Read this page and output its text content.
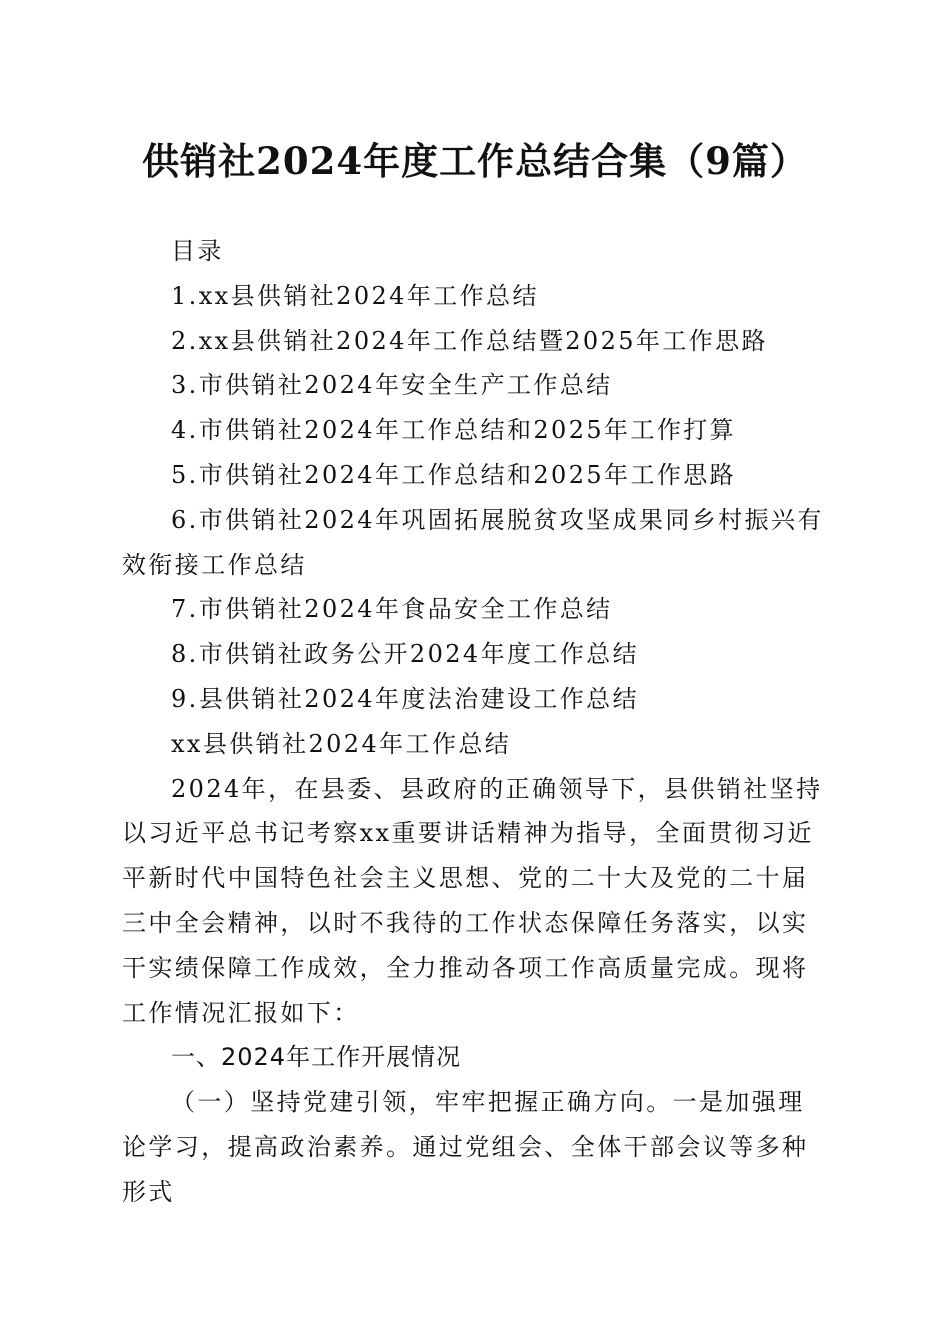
供销社2024年度工作总结合集（9篇）

目录

1.xx县供销社2024年工作总结

2.xx县供销社2024年工作总结暨2025年工作思路

3.市供销社2024年安全生产工作总结

4.市供销社2024年工作总结和2025年工作打算

5.市供销社2024年工作总结和2025年工作思路

6.市供销社2024年巩固拓展脱贫攻坚成果同乡村振兴有效衔接工作总结

7.市供销社2024年食品安全工作总结

8.市供销社政务公开2024年度工作总结

9.县供销社2024年度法治建设工作总结

xx县供销社2024年工作总结

2024年，在县委、县政府的正确领导下，县供销社坚持以习近平总书记考察xx重要讲话精神为指导，全面贯彻习近平新时代中国特色社会主义思想、党的二十大及党的二十届三中全会精神，以时不我待的工作状态保障任务落实，以实干实绩保障工作成效，全力推动各项工作高质量完成。现将工作情况汇报如下：

一、2024年工作开展情况

（一）坚持党建引领，牢牢把握正确方向。一是加强理论学习，提高政治素养。通过党组会、全体干部会议等多种形式
